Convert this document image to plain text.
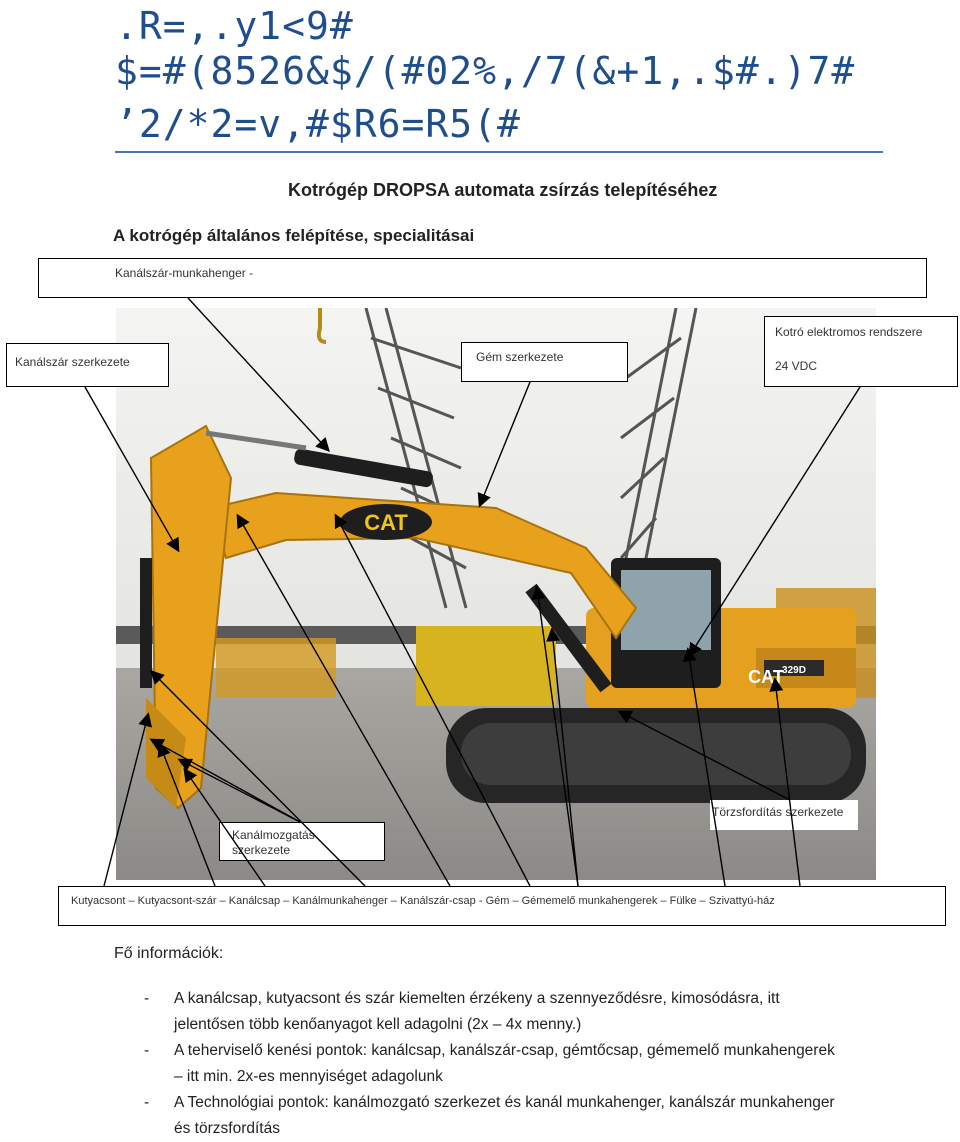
.R=,.y1<9#
$=#(8526&$/(#02%,/7(&+1,.$#.)7#
’2/*2=v,#$R6=R5(#
Kotrógép DROPSA automata zsírzás telepítéséhez
A kotrógép általános felépítése, specialitásai
329D
CAT
CAT
Kanálszár-munkahenger -
Kanálszár szerkezete	Gém szerkezete
Kotró elektromos rendszere
24 VDC
Törzsfordítás szerkezete
Kanálmozgatás szerkezete
Kutyacsont – Kutyacsont-szár – Kanálcsap – Kanálmunkahenger – Kanálszár-csap - Gém – Gémemelő munkahengerek – Fülke – Szivattyú-ház
Fő információk:
- A kanálcsap, kutyacsont és szár kiemelten érzékeny a szennyeződésre, kimosódásra, itt jelentősen több kenőanyagot kell adagolni (2x – 4x menny.)
- A teherviselő kenési pontok: kanálcsap, kanálszár-csap, gémtőcsap, gémemelő munkahengerek – itt min. 2x-es mennyiséget adagolunk
- A Technológiai pontok: kanálmozgató szerkezet és kanál munkahenger, kanálszár munkahenger és törzsfordítás
